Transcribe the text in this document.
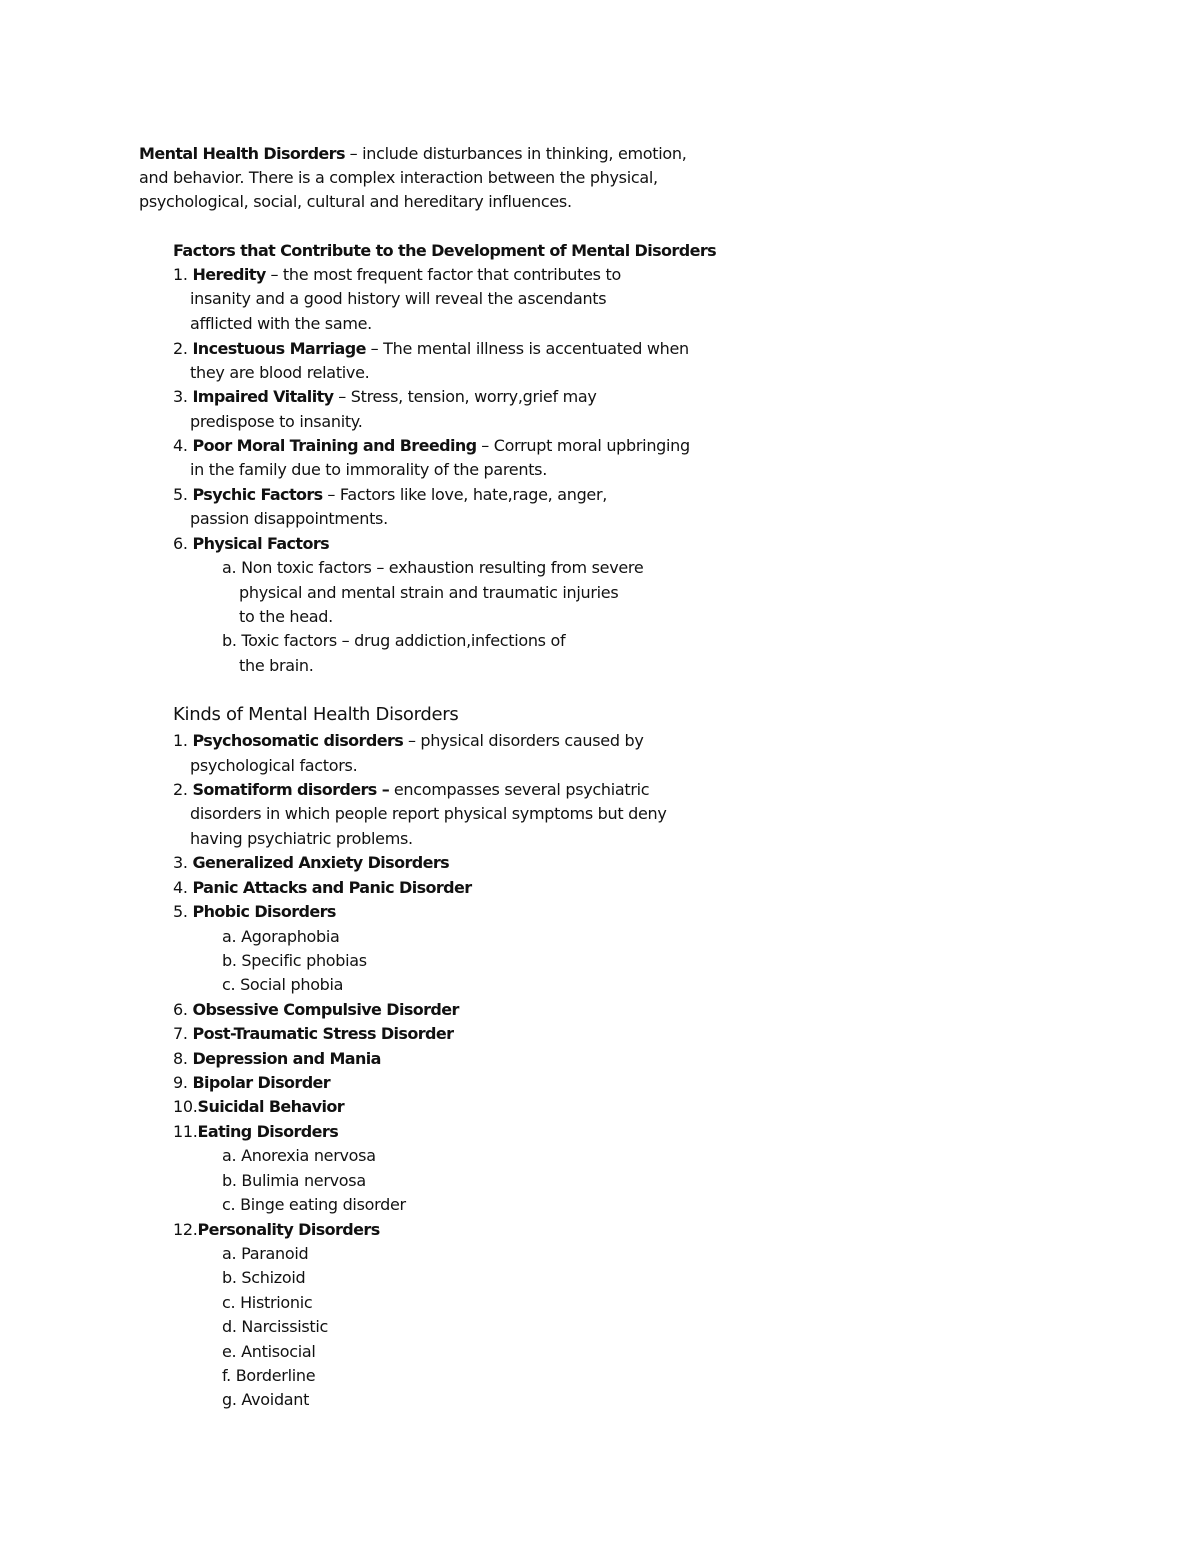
Mental Health Disorders – include disturbances in thinking, emotion,
and behavior. There is a complex interaction between the physical,
psychological, social, cultural and hereditary influences.
Factors that Contribute to the Development of Mental Disorders
1. Heredity – the most frequent factor that contributes to
insanity and a good history will reveal the ascendants
afflicted with the same.
2. Incestuous Marriage – The mental illness is accentuated when
they are blood relative.
3. Impaired Vitality – Stress, tension, worry,grief may
predispose to insanity.
4. Poor Moral Training and Breeding – Corrupt moral upbringing
in the family due to immorality of the parents.
5. Psychic Factors – Factors like love, hate,rage, anger,
passion disappointments.
6. Physical Factors
a. Non toxic factors – exhaustion resulting from severe
physical and mental strain and traumatic injuries
to the head.
b. Toxic factors – drug addiction,infections of
the brain.
Kinds of Mental Health Disorders
1. Psychosomatic disorders – physical disorders caused by
psychological factors.
2. Somatiform disorders – encompasses several psychiatric
disorders in which people report physical symptoms but deny
having psychiatric problems.
3. Generalized Anxiety Disorders
4. Panic Attacks and Panic Disorder
5. Phobic Disorders
a. Agoraphobia
b. Specific phobias
c. Social phobia
6. Obsessive Compulsive Disorder
7. Post-Traumatic Stress Disorder
8. Depression and Mania
9. Bipolar Disorder
10.Suicidal Behavior
11.Eating Disorders
a. Anorexia nervosa
b. Bulimia nervosa
c. Binge eating disorder
12.Personality Disorders
a. Paranoid
b. Schizoid
c. Histrionic
d. Narcissistic
e. Antisocial
f. Borderline
g. Avoidant
